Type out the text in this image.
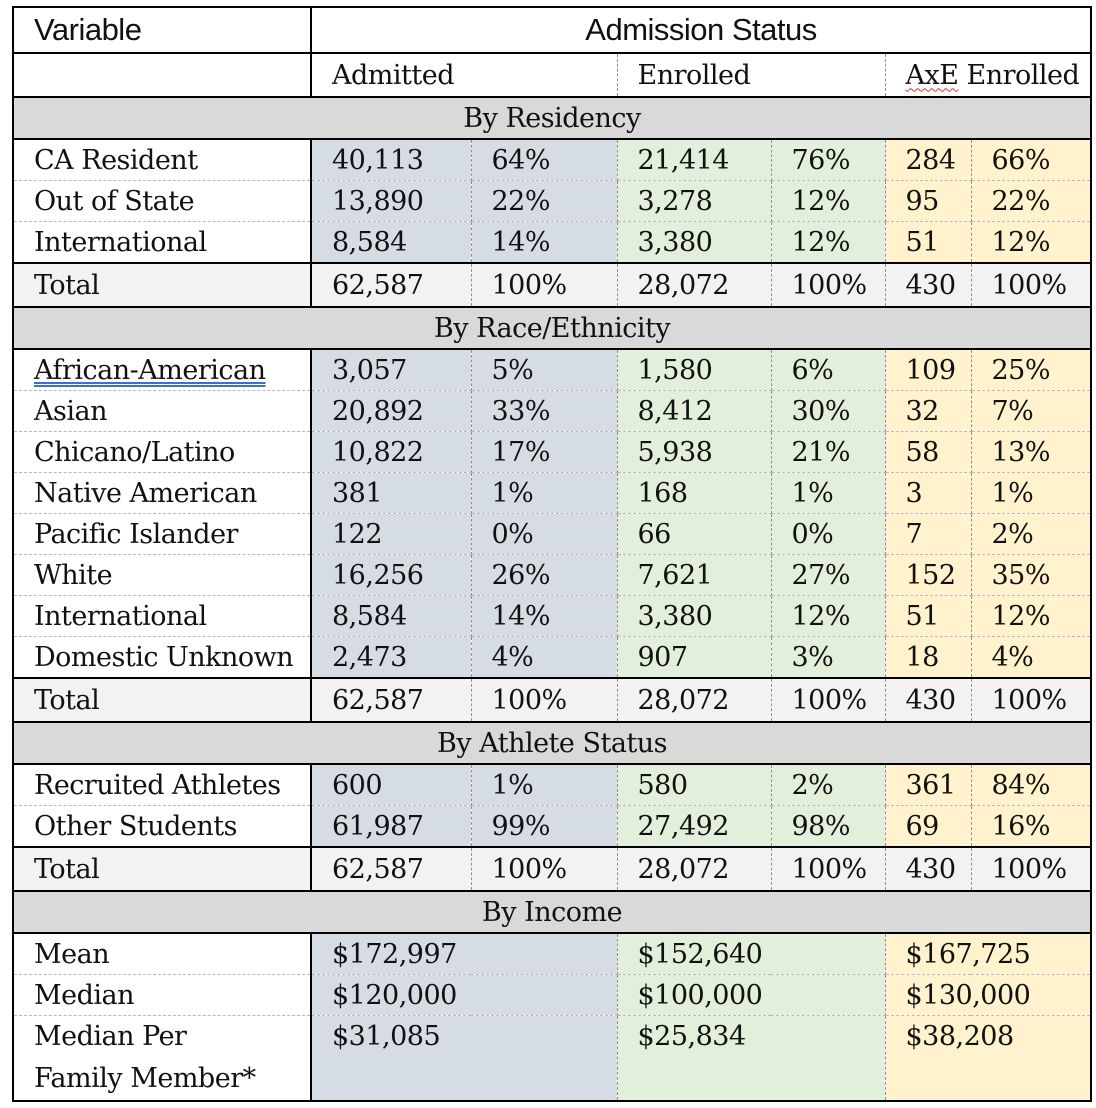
Variable	Admission Status					
	Admitted		Enrolled		AxE Enrolled	
By Residency						
CA Resident	40,113	64%	21,414	76%	284	66%
Out of State	13,890	22%	3,278	12%	95	22%
International	8,584	14%	3,380	12%	51	12%
Total	62,587	100%	28,072	100%	430	100%
By Race/Ethnicity						
African-American	3,057	5%	1,580	6%	109	25%
Asian	20,892	33%	8,412	30%	32	7%
Chicano/Latino	10,822	17%	5,938	21%	58	13%
Native American	381	1%	168	1%	3	1%
Pacific Islander	122	0%	66	0%	7	2%
White	16,256	26%	7,621	27%	152	35%
International	8,584	14%	3,380	12%	51	12%
Domestic Unknown	2,473	4%	907	3%	18	4%
Total	62,587	100%	28,072	100%	430	100%
By Athlete Status						
Recruited Athletes	600	1%	580	2%	361	84%
Other Students	61,987	99%	27,492	98%	69	16%
Total	62,587	100%	28,072	100%	430	100%
By Income						
Mean	$172,997		$152,640		$167,725	
Median	$120,000		$100,000		$130,000	
Median Per
Family Member*	$31,085		$25,834		$38,208	
